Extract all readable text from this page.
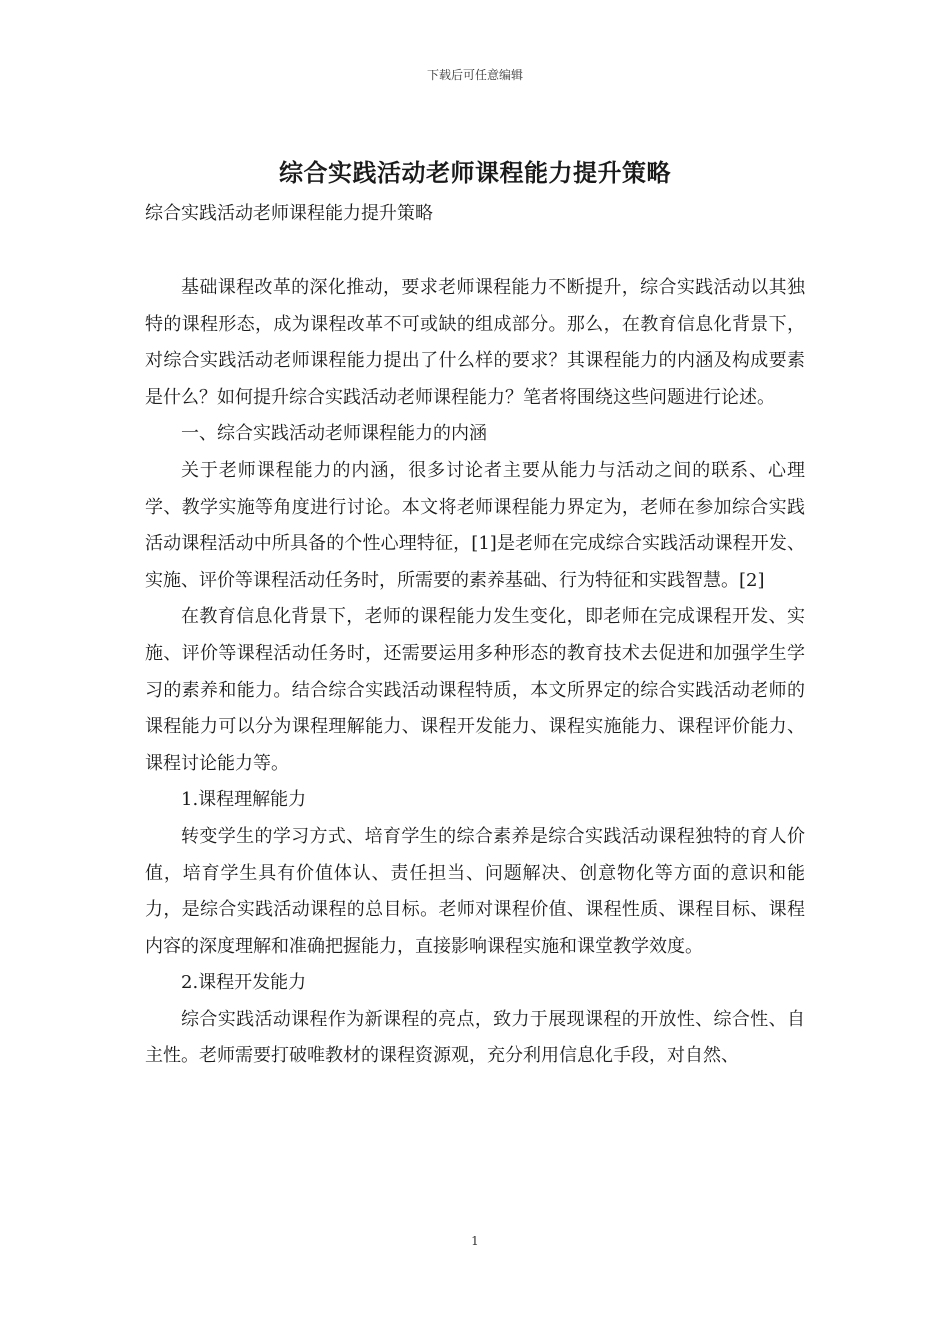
下载后可任意编辑
综合实践活动老师课程能力提升策略
综合实践活动老师课程能力提升策略

基础课程改革的深化推动，要求老师课程能力不断提升，综合实践活动以其独特的课程形态，成为课程改革不可或缺的组成部分。那么，在教育信息化背景下，对综合实践活动老师课程能力提出了什么样的要求？其课程能力的内涵及构成要素是什么？如何提升综合实践活动老师课程能力？笔者将围绕这些问题进行论述。

一、综合实践活动老师课程能力的内涵

关于老师课程能力的内涵，很多讨论者主要从能力与活动之间的联系、心理学、教学实施等角度进行讨论。本文将老师课程能力界定为，老师在参加综合实践活动课程活动中所具备的个性心理特征，[1]是老师在完成综合实践活动课程开发、实施、评价等课程活动任务时，所需要的素养基础、行为特征和实践智慧。[2]

在教育信息化背景下，老师的课程能力发生变化，即老师在完成课程开发、实施、评价等课程活动任务时，还需要运用多种形态的教育技术去促进和加强学生学习的素养和能力。结合综合实践活动课程特质，本文所界定的综合实践活动老师的课程能力可以分为课程理解能力、课程开发能力、课程实施能力、课程评价能力、课程讨论能力等。

1.课程理解能力

转变学生的学习方式、培育学生的综合素养是综合实践活动课程独特的育人价值，培育学生具有价值体认、责任担当、问题解决、创意物化等方面的意识和能力，是综合实践活动课程的总目标。老师对课程价值、课程性质、课程目标、课程内容的深度理解和准确把握能力，直接影响课程实施和课堂教学效度。

2.课程开发能力

综合实践活动课程作为新课程的亮点，致力于展现课程的开放性、综合性、自主性。老师需要打破唯教材的课程资源观，充分利用信息化手段，对自然、

1
